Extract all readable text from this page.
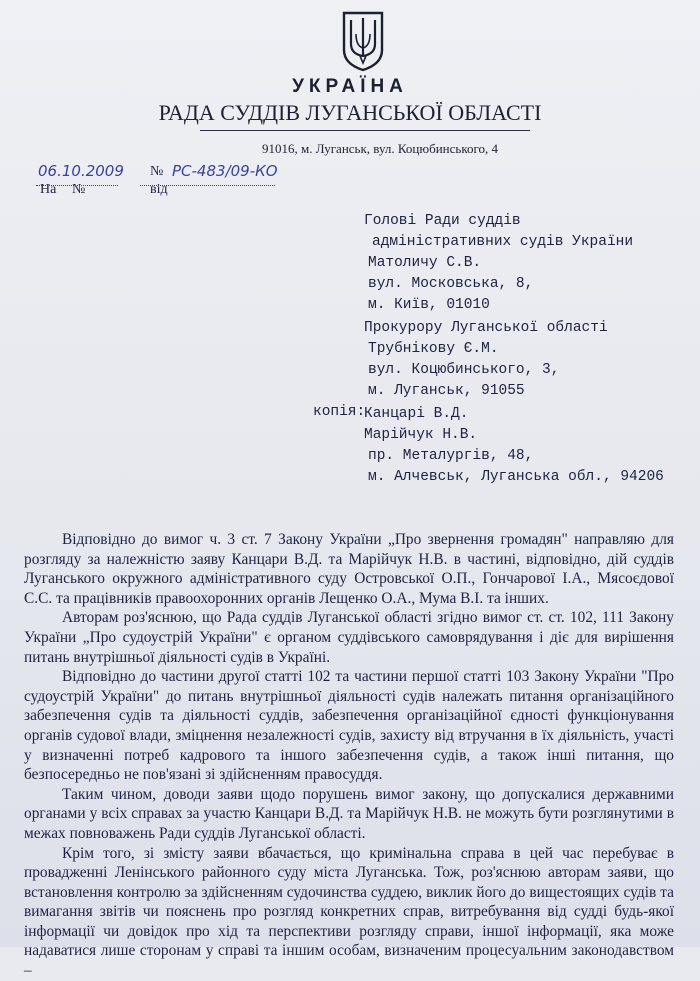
УКРАЇНА
РАДА СУДДІВ ЛУГАНСЬКОЇ ОБЛАСТІ
91016, м. Луганськ, вул. Коцюбинського, 4
06.10.2009 № РС-483/09-КО
На №	від
Голові Ради суддів
адміністративних судів України
Матоличу С.В.
вул. Московська, 8,
м. Київ, 01010
Прокурору Луганської області
Трубнікову Є.М.
вул. Коцюбинського, 3,
м. Луганськ, 91055
копія:
Канцарі В.Д.
Марійчук Н.В.
пр. Металургів, 48,
м. Алчевськ, Луганська обл., 94206

Відповідно до вимог ч. 3 ст. 7 Закону України „Про звернення громадян" направляю для розгляду за належністю заяву Канцари В.Д. та Марійчук Н.В. в частині, відповідно, дій суддів Луганського окружного адміністративного суду Островської О.П., Гончарової І.А., Мясоєдової С.С. та працівників правоохоронних органів Лещенко О.А., Мума В.І. та інших.

Авторам роз'яснюю, що Рада суддів Луганської області згідно вимог ст. ст. 102, 111 Закону України „Про судоустрій України" є органом суддівського самоврядування і діє для вирішення питань внутрішньої діяльності судів в Україні.

Відповідно до частини другої статті 102 та частини першої статті 103 Закону України "Про судоустрій України" до питань внутрішньої діяльності судів належать питання організаційного забезпечення судів та діяльності суддів, забезпечення організаційної єдності функціонування органів судової влади, зміцнення незалежності судів, захисту від втручання в їх діяльність, участі у визначенні потреб кадрового та іншого забезпечення судів, а також інші питання, що безпосередньо не пов'язані зі здійсненням правосуддя.

Таким чином, доводи заяви щодо порушень вимог закону, що допускалися державними органами у всіх справах за участю Канцари В.Д. та Марійчук Н.В. не можуть бути розглянутими в межах повноважень Ради суддів Луганської області.

Крім того, зі змісту заяви вбачається, що кримінальна справа в цей час перебуває в провадженні Ленінського районного суду міста Луганська. Тож, роз'яснюю авторам заяви, що встановлення контролю за здійсненням судочинства суддею, виклик його до вищестоящих судів та вимагання звітів чи пояснень про розгляд конкретних справ, витребування від судді будь-якої інформації чи довідок про хід та перспективи розгляду справи, іншої інформації, яка може надаватися лише сторонам у справі та іншим особам, визначеним процесуальним законодавством –
